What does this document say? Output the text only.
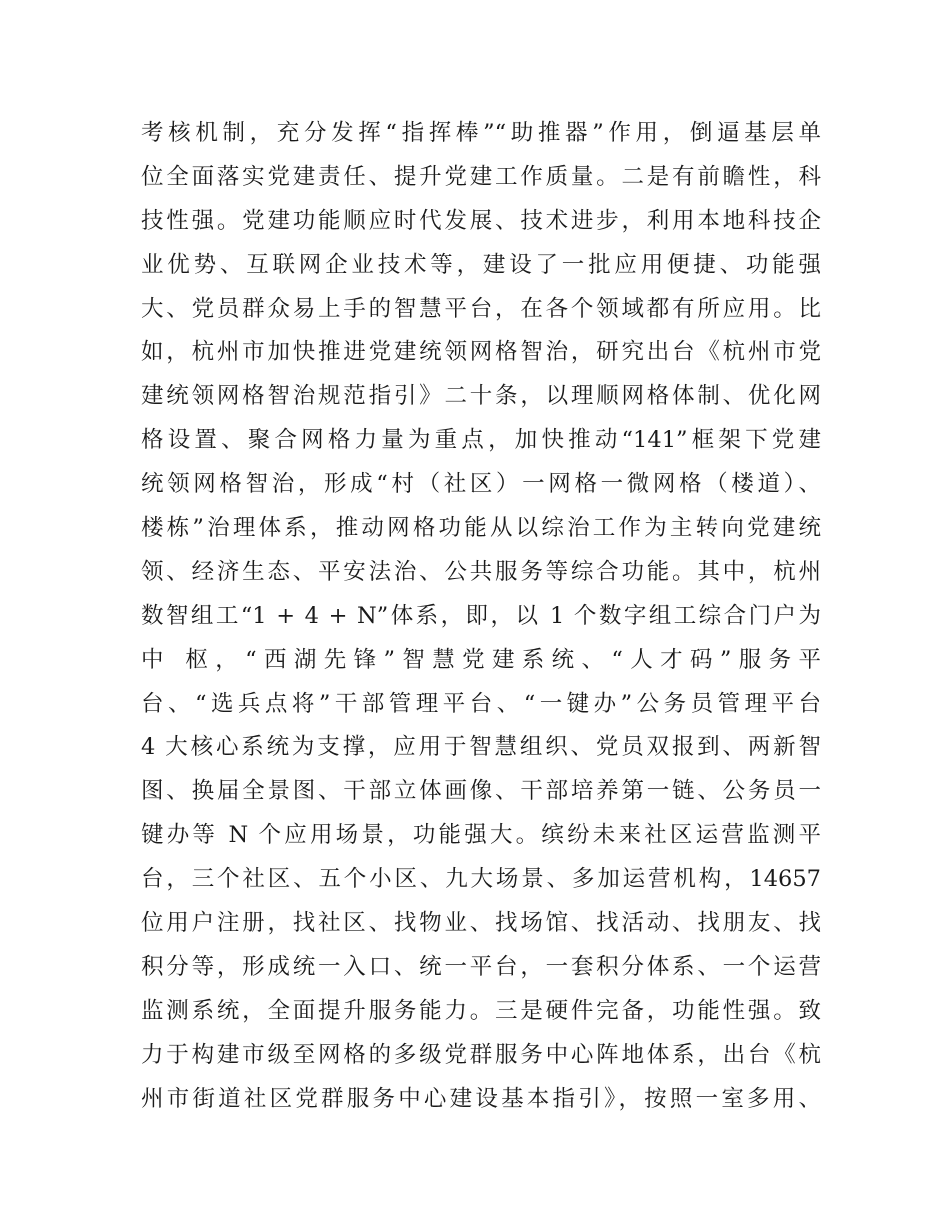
考核机制，充分发挥“指挥棒”“助推器”作用，倒逼基层单
位全面落实党建责任、提升党建工作质量。二是有前瞻性，科
技性强。党建功能顺应时代发展、技术进步，利用本地科技企
业优势、互联网企业技术等，建设了一批应用便捷、功能强
大、党员群众易上手的智慧平台，在各个领域都有所应用。比
如，杭州市加快推进党建统领网格智治，研究出台《杭州市党
建统领网格智治规范指引》二十条，以理顺网格体制、优化网
格设置、聚合网格力量为重点，加快推动“141”框架下党建
统领网格智治，形成“村（社区）一网格一微网格（楼道）、
楼栋”治理体系，推动网格功能从以综治工作为主转向党建统
领、经济生态、平安法治、公共服务等综合功能。其中，杭州
数智组工“1 + 4 + N”体系，即，以 1 个数字组工综合门户为
中 枢，“西湖先锋”智慧党建系统、“人才码”服务平
台、“选兵点将”干部管理平台、“一键办”公务员管理平台
4 大核心系统为支撑，应用于智慧组织、党员双报到、两新智
图、换届全景图、干部立体画像、干部培养第一链、公务员一
键办等 N 个应用场景，功能强大。缤纷未来社区运营监测平
台，三个社区、五个小区、九大场景、多加运营机构，14657
位用户注册，找社区、找物业、找场馆、找活动、找朋友、找
积分等，形成统一入口、统一平台，一套积分体系、一个运营
监测系统，全面提升服务能力。三是硬件完备，功能性强。致
力于构建市级至网格的多级党群服务中心阵地体系，出台《杭
州市街道社区党群服务中心建设基本指引》，按照一室多用、
